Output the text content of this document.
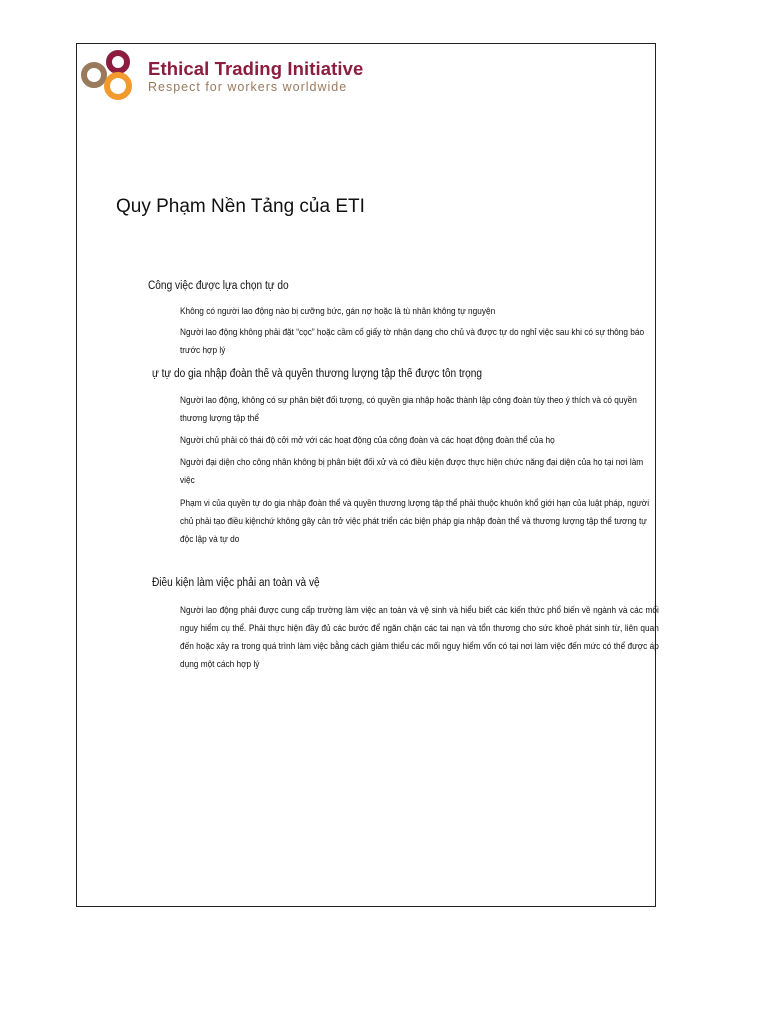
Ethical Trading Initiative
Respect for workers worldwide
Quy Phạm Nền Tảng của ETI
Công việc được lựa chọn tự do
Không có người lao động nào bị cưỡng bức, gán nợ hoặc là tù nhân không tự nguyện
Người lao động không phải đặt “cọc” hoặc cầm cố giấy tờ nhận dạng cho chủ và được tự do nghỉ việc sau khi có sự thông báo trước hợp lý
ự tự do gia nhập đoàn thể và quyền thương lượng tập thể được tôn trọng
Người lao động, không có sự phân biệt đối tượng, có quyền gia nhập hoặc thành lập công đoàn tùy theo ý thích và có quyền thương lượng tập thể
Người chủ phải có thái độ cởi mở với các hoạt động của công đoàn và các hoạt động đoàn thể của họ
Người đại diện cho công nhân không bị phân biệt đối xử và có điều kiện được thực hiện chức năng đại diện của họ tại nơi làm việc
Phạm vi của quyền tự do gia nhập đoàn thể và quyền thương lượng tập thể phải thuộc khuôn khổ giới hạn của luật pháp, người chủ phải tạo điều kiệnchứ không gây cản trở việc phát triển các biện pháp gia nhập đoàn thể và thương lượng tập thể tương tự độc lập và tự do
Điều kiện làm việc phải an toàn và vệ
Người lao động phải được cung cấp trường làm việc an toàn và vệ sinh và hiểu biết các kiến thức phổ biến về ngành và các mối nguy hiểm cụ thể. Phải thực hiện đầy đủ các bước để ngăn chặn các tai nạn và tổn thương cho sức khoẻ phát sinh từ, liên quan đến hoặc xảy ra trong quá trình làm việc bằng cách giảm thiểu các mối nguy hiểm vốn có tại nơi làm việc đến mức có thể được áp dụng một cách hợp lý
